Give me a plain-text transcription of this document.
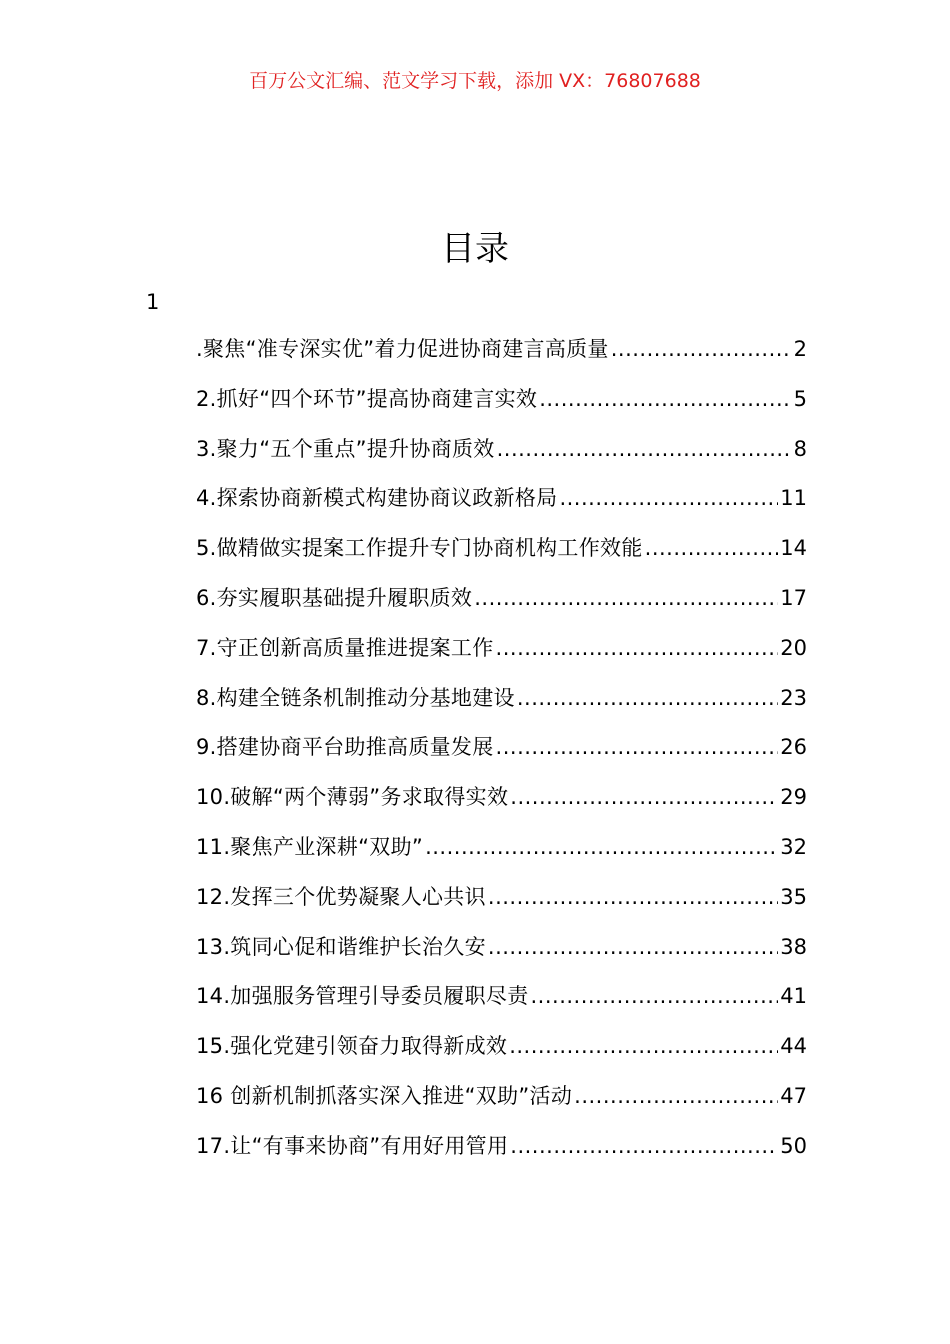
百万公文汇编、范文学习下载，添加 VX：76807688
目录
1
.聚焦“准专深实优”着力促进协商建言高质量 .....	2
2.抓好“四个环节”提高协商建言实效 .....	5
3.聚力“五个重点”提升协商质效 .....	8
4.探索协商新模式构建协商议政新格局 .....	11
5.做精做实提案工作提升专门协商机构工作效能 .....	14
6.夯实履职基础提升履职质效 .....	17
7.守正创新高质量推进提案工作 .....	20
8.构建全链条机制推动分基地建设 .....	23
9.搭建协商平台助推高质量发展 .....	26
10.破解“两个薄弱”务求取得实效 .....	29
11.聚焦产业深耕“双助” .....	32
12.发挥三个优势凝聚人心共识 .....	35
13.筑同心促和谐维护长治久安 .....	38
14.加强服务管理引导委员履职尽责 .....	41
15.强化党建引领奋力取得新成效 .....	44
16 创新机制抓落实深入推进“双助”活动 .....	47
17.让“有事来协商”有用好用管用 .....	50
